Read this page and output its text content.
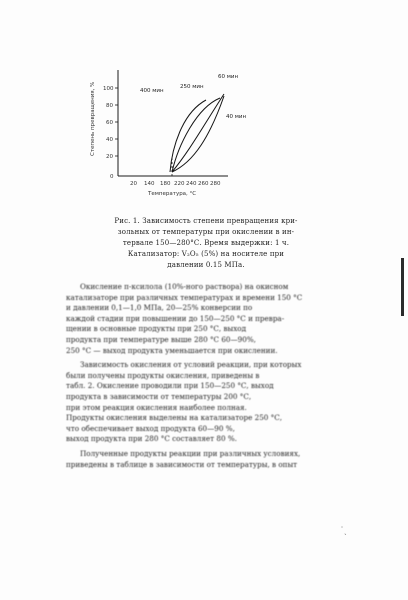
100
80
60
40
20
0
Степень превращения, %
20 140 180 220 240 260 280
Температура, °С
400 мин
250 мин
60 мин
40 мин
Рис. 1. Зависимость степени превращения кри-
зольных от температуры при окислении в ин-
тервале 150—280°С. Время выдержки: 1 ч.
Катализатор: V₂O₅ (5%) на носителе при
давлении 0.15 МПа.
Окисление п-ксилола (10%-ного раствора) на окисном
катализаторе при различных температурах и времени 150 °С
и давлении 0,1—1,0 МПа, 20—25% конверсии по
каждой стадии при повышении до 150—250 °С и превра-
щении в основные продукты при 250 °С, выход
продукта при температуре выше 280 °С 60—90%,
250 °С — выход продукта уменьшается при окислении.
Зависимость окисления от условий реакции, при которых
были получены продукты окисления, приведены в
табл. 2. Окисление проводили при 150—250 °С, выход
продукта в зависимости от температуры 200 °С,
при этом реакция окисления наиболее полная.
Продукты окисления выделены на катализаторе 250 °С,
что обеспечивает выход продукта 60—90 %,
выход продукта при 280 °С составляет 80 %.
Полученные продукты реакции при различных условиях,
приведены в таблице в зависимости от температуры, в опыт
˙ˏ
